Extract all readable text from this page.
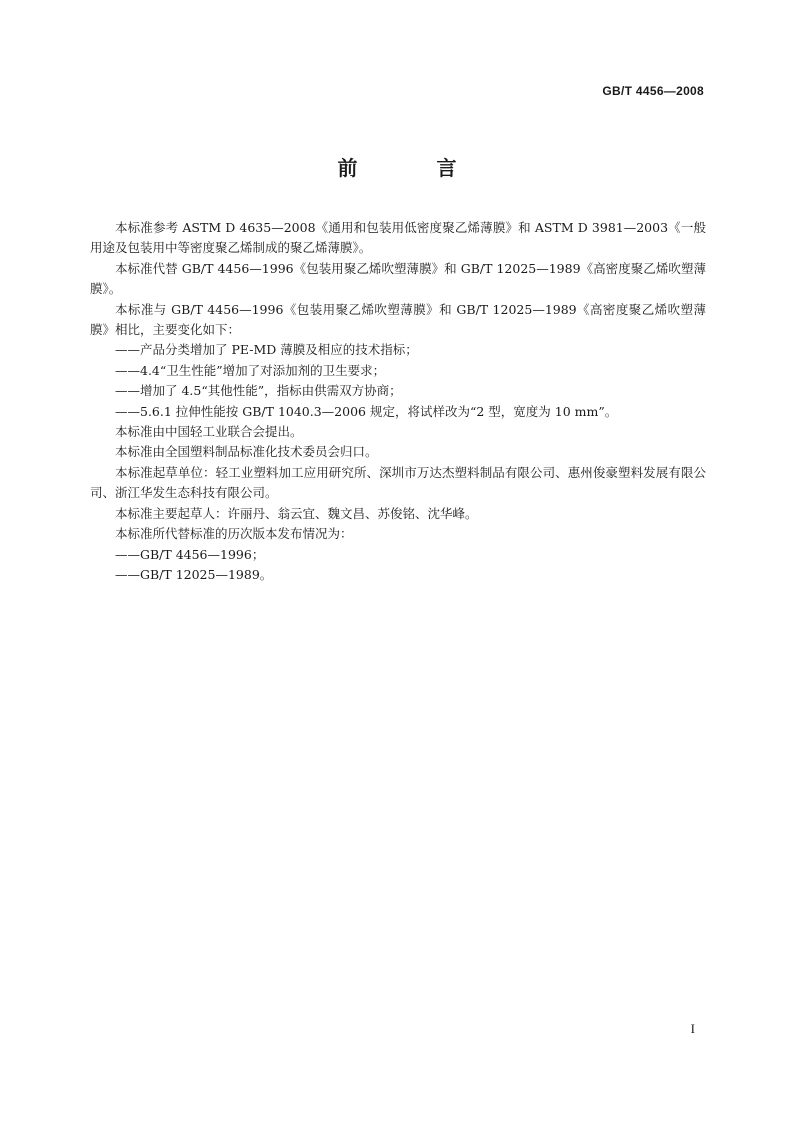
GB/T 4456—2008
前 言

本标准参考 ASTM D 4635—2008《通用和包装用低密度聚乙烯薄膜》和 ASTM D 3981—2003《一般用途及包装用中等密度聚乙烯制成的聚乙烯薄膜》。

本标准代替 GB/T 4456—1996《包装用聚乙烯吹塑薄膜》和 GB/T 12025—1989《高密度聚乙烯吹塑薄膜》。

本标准与 GB/T 4456—1996《包装用聚乙烯吹塑薄膜》和 GB/T 12025—1989《高密度聚乙烯吹塑薄膜》相比，主要变化如下：

——产品分类增加了 PE-MD 薄膜及相应的技术指标；

——4.4“卫生性能”增加了对添加剂的卫生要求；

——增加了 4.5“其他性能”，指标由供需双方协商；

——5.6.1 拉伸性能按 GB/T 1040.3—2006 规定，将试样改为“2 型，宽度为 10 mm”。

本标准由中国轻工业联合会提出。

本标准由全国塑料制品标准化技术委员会归口。

本标准起草单位：轻工业塑料加工应用研究所、深圳市万达杰塑料制品有限公司、惠州俊豪塑料发展有限公司、浙江华发生态科技有限公司。

本标准主要起草人：许丽丹、翁云宜、魏文昌、苏俊铭、沈华峰。

本标准所代替标准的历次版本发布情况为：

——GB/T 4456—1996；

——GB/T 12025—1989。

I
